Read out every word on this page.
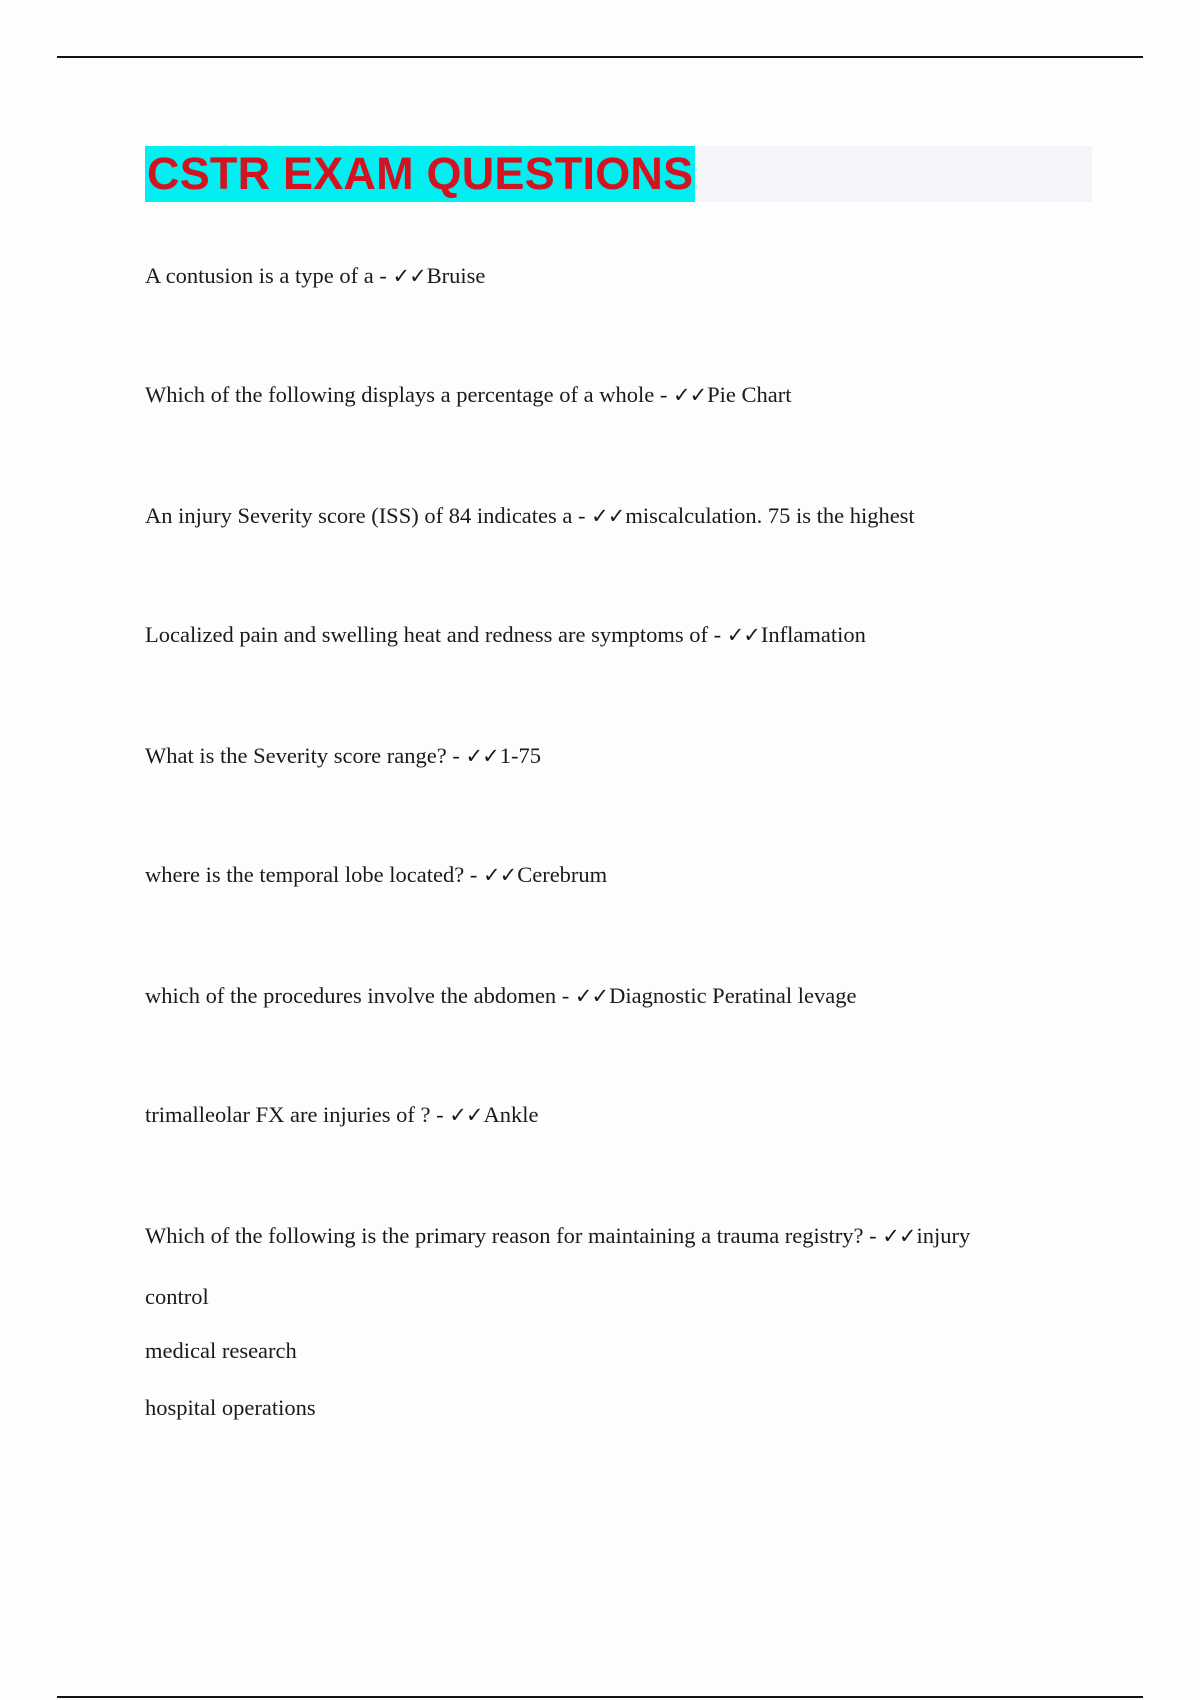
CSTR EXAM QUESTIONS
A contusion is a type of a - ✓✓Bruise
Which of the following displays a percentage of a whole - ✓✓Pie Chart
An injury Severity score (ISS) of 84 indicates a - ✓✓miscalculation. 75 is the highest
Localized pain and swelling heat and redness are symptoms of - ✓✓Inflamation
What is the Severity score range? - ✓✓1-75
where is the temporal lobe located? - ✓✓Cerebrum
which of the procedures involve the abdomen - ✓✓Diagnostic Peratinal levage
trimalleolar FX are injuries of ? - ✓✓Ankle
Which of the following is the primary reason for maintaining a trauma registry? - ✓✓injury
control
medical research
hospital operations
